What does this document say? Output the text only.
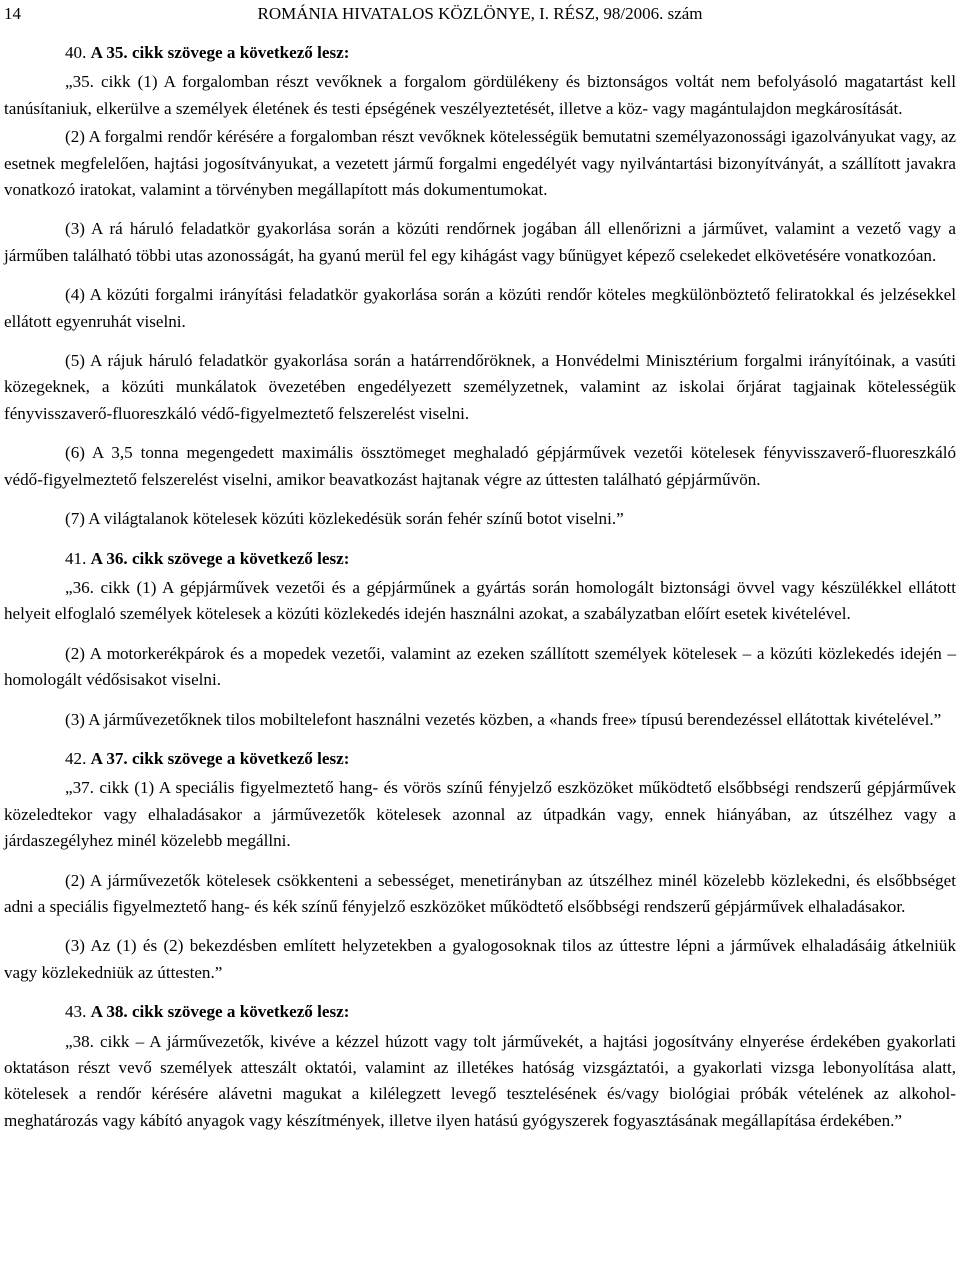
14	ROMÁNIA HIVATALOS KÖZLÖNYE, I. RÉSZ, 98/2006. szám
40. A 35. cikk szövege a következő lesz:

„35. cikk (1) A forgalomban részt vevőknek a forgalom gördülékeny és biztonságos voltát nem befolyásoló magatartást kell tanúsítaniuk, elkerülve a személyek életének és testi épségének veszélyeztetését, illetve a köz- vagy magántulajdon megkárosítását.

(2) A forgalmi rendőr kérésére a forgalomban részt vevőknek kötelességük bemutatni személyazonossági igazolványukat vagy, az esetnek megfelelően, hajtási jogosítványukat, a vezetett jármű forgalmi engedélyét vagy nyilvántartási bizonyítványát, a szállított javakra vonatkozó iratokat, valamint a törvényben megállapított más dokumentumokat.

(3) A rá háruló feladatkör gyakorlása során a közúti rendőrnek jogában áll ellenőrizni a járművet, valamint a vezető vagy a járműben található többi utas azonosságát, ha gyanú merül fel egy kihágást vagy bűnügyet képező cselekedet elkövetésére vonatkozóan.

(4) A közúti forgalmi irányítási feladatkör gyakorlása során a közúti rendőr köteles megkülönböztető feliratokkal és jelzésekkel ellátott egyenruhát viselni.

(5) A rájuk háruló feladatkör gyakorlása során a határrendőröknek, a Honvédelmi Minisztérium forgalmi irányítóinak, a vasúti közegeknek, a közúti munkálatok övezetében engedélyezett személyzetnek, valamint az iskolai őrjárat tagjainak kötelességük fényvisszaverő-fluoreszkáló védő-figyelmeztető felszerelést viselni.

(6) A 3,5 tonna megengedett maximális össztömeget meghaladó gépjárművek vezetői kötelesek fényvisszaverő-fluoreszkáló védő-figyelmeztető felszerelést viselni, amikor beavatkozást hajtanak végre az úttesten található gépjárművön.

(7) A világtalanok kötelesek közúti közlekedésük során fehér színű botot viselni.”

41. A 36. cikk szövege a következő lesz:

„36. cikk (1) A gépjárművek vezetői és a gépjárműnek a gyártás során homologált biztonsági övvel vagy készülékkel ellátott helyeit elfoglaló személyek kötelesek a közúti közlekedés idején használni azokat, a szabályzatban előírt esetek kivételével.

(2) A motorkerékpárok és a mopedek vezetői, valamint az ezeken szállított személyek kötelesek – a közúti közlekedés idején – homologált védősisakot viselni.

(3) A járművezetőknek tilos mobiltelefont használni vezetés közben, a «hands free» típusú berendezéssel ellátottak kivételével.”

42. A 37. cikk szövege a következő lesz:

„37. cikk (1) A speciális figyelmeztető hang- és vörös színű fényjelző eszközöket működtető elsőbbségi rendszerű gépjárművek közeledtekor vagy elhaladásakor a járművezetők kötelesek azonnal az útpadkán vagy, ennek hiányában, az útszélhez vagy a járdaszegélyhez minél közelebb megállni.

(2) A járművezetők kötelesek csökkenteni a sebességet, menetirányban az útszélhez minél közelebb közlekedni, és elsőbbséget adni a speciális figyelmeztető hang- és kék színű fényjelző eszközöket működtető elsőbbségi rendszerű gépjárművek elhaladásakor.

(3) Az (1) és (2) bekezdésben említett helyzetekben a gyalogosoknak tilos az úttestre lépni a járművek elhaladásáig átkelniük vagy közlekedniük az úttesten.”

43. A 38. cikk szövege a következő lesz:

„38. cikk – A járművezetők, kivéve a kézzel húzott vagy tolt járművekét, a hajtási jogosítvány elnyerése érdekében gyakorlati oktatáson részt vevő személyek atteszált oktatói, valamint az illetékes hatóság vizsgáztatói, a gyakorlati vizsga lebonyolítása alatt, kötelesek a rendőr kérésére alávetni magukat a kilélegzett levegő tesztelésének és/vagy biológiai próbák vételének az alkohol-meghatározás vagy kábító anyagok vagy készítmények, illetve ilyen hatású gyógyszerek fogyasztásának megállapítása érdekében.”
